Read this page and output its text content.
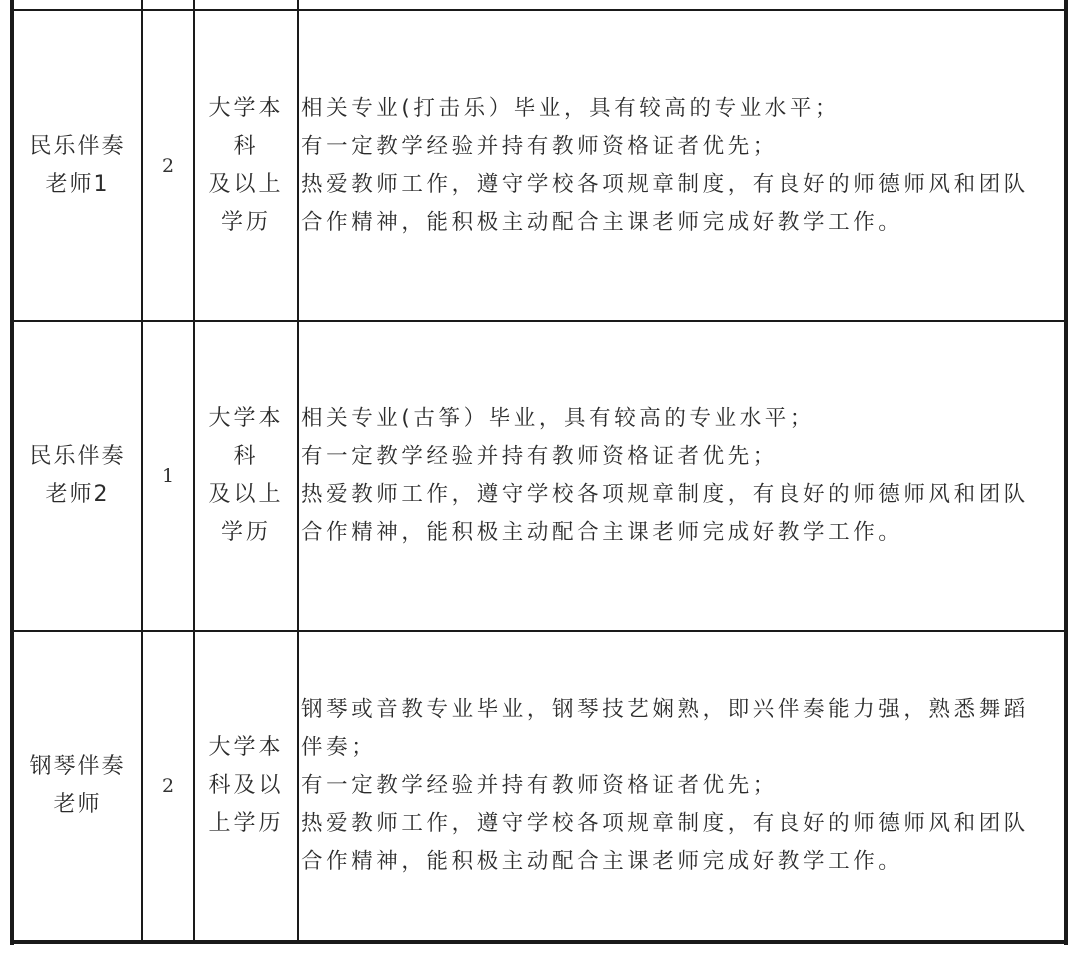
民乐伴奏
老师1
2
大学本
科
及以上
学历
相关专业(打击乐）毕业，具有较高的专业水平；
有一定教学经验并持有教师资格证者优先；
热爱教师工作，遵守学校各项规章制度，有良好的师德师风和团队
合作精神，能积极主动配合主课老师完成好教学工作。
民乐伴奏
老师2
1
大学本
科
及以上
学历
相关专业(古筝）毕业，具有较高的专业水平；
有一定教学经验并持有教师资格证者优先；
热爱教师工作，遵守学校各项规章制度，有良好的师德师风和团队
合作精神，能积极主动配合主课老师完成好教学工作。
钢琴伴奏
老师
2
大学本
科及以
上学历
钢琴或音教专业毕业，钢琴技艺娴熟，即兴伴奏能力强，熟悉舞蹈
伴奏；
有一定教学经验并持有教师资格证者优先；
热爱教师工作，遵守学校各项规章制度，有良好的师德师风和团队
合作精神，能积极主动配合主课老师完成好教学工作。
